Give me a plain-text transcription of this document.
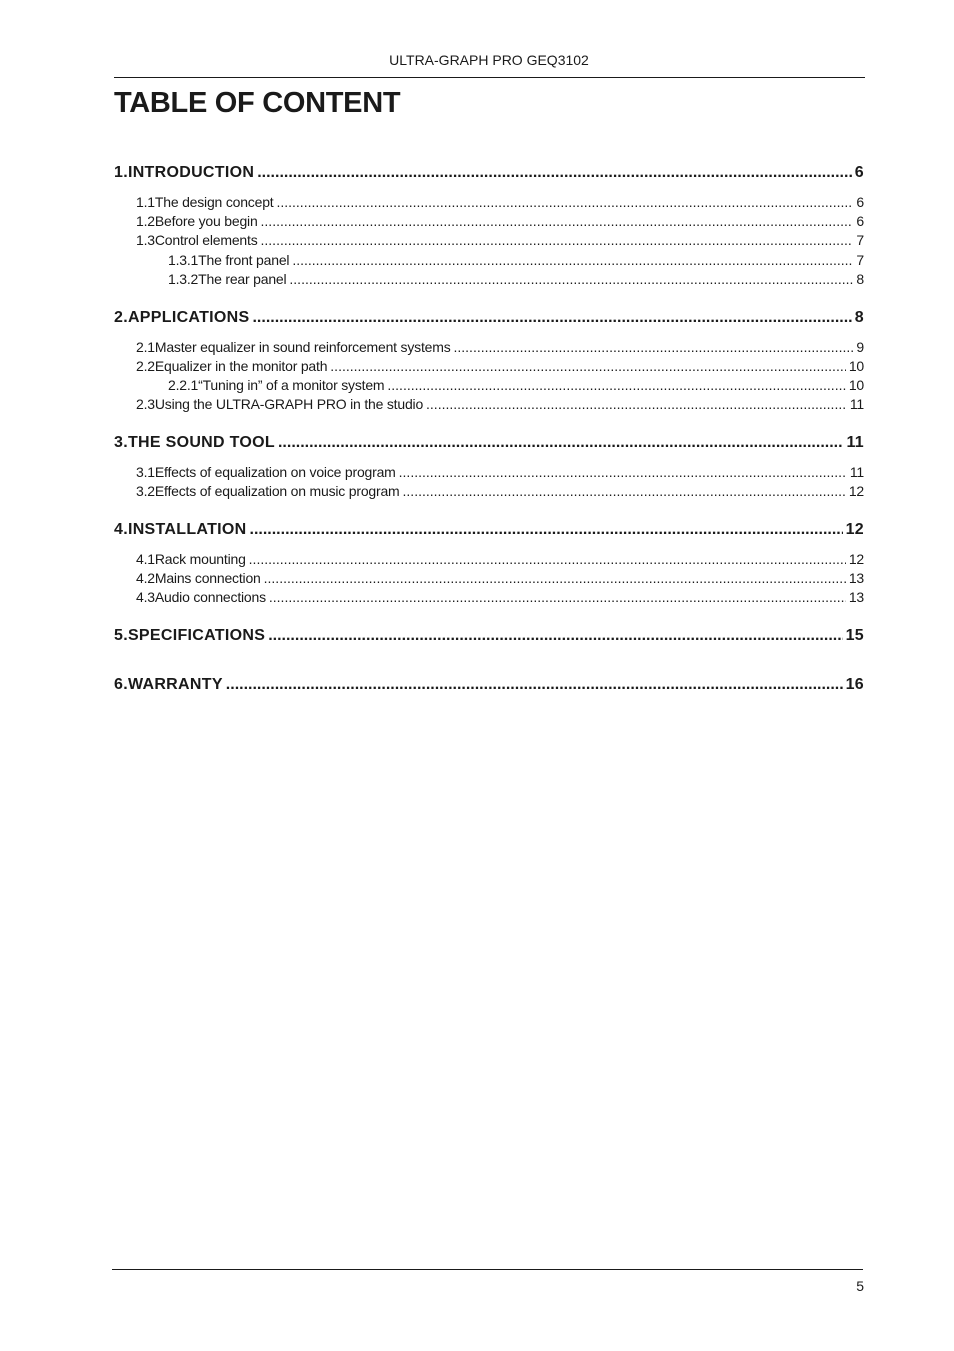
ULTRA-GRAPH PRO GEQ3102
TABLE OF CONTENT
1. INTRODUCTION .....	6
1.1 The design concept .....	6
1.2 Before you begin .....	6
1.3 Control elements .....	7
1.3.1 The front panel .....	7
1.3.2 The rear panel .....	8
2. APPLICATIONS .....	8
2.1 Master equalizer in sound reinforcement systems .....	9
2.2 Equalizer in the monitor path .....	10
2.2.1 “Tuning in” of a monitor system .....	10
2.3 Using the ULTRA-GRAPH PRO in the studio .....	11
3. THE SOUND TOOL .....	11
3.1 Effects of equalization on voice program .....	11
3.2 Effects of equalization on music program .....	12
4. INSTALLATION .....	12
4.1 Rack mounting .....	12
4.2 Mains connection .....	13
4.3 Audio connections .....	13
5. SPECIFICATIONS .....	15
6. WARRANTY .....	16
5
